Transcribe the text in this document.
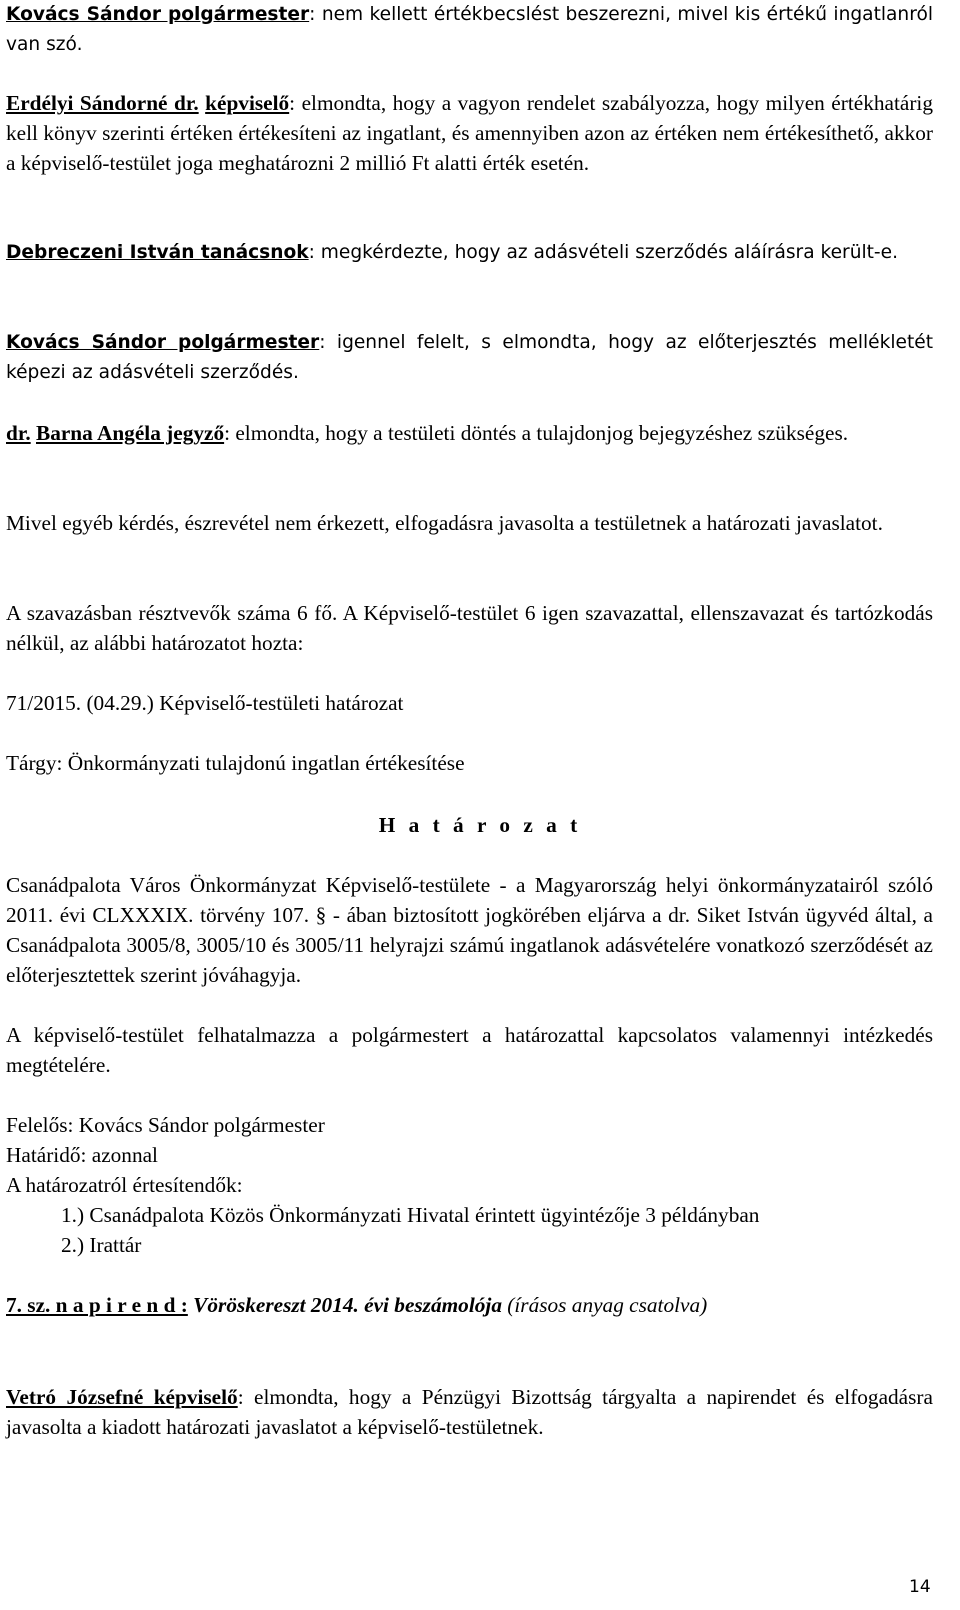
Kovács Sándor polgármester: nem kellett értékbecslést beszerezni, mivel kis értékű ingatlanról van szó.

Erdélyi Sándorné dr. képviselő: elmondta, hogy a vagyon rendelet szabályozza, hogy milyen értékhatárig kell könyv szerinti értéken értékesíteni az ingatlant, és amennyiben azon az értéken nem értékesíthető, akkor a képviselő-testület joga meghatározni 2 millió Ft alatti érték esetén.

Debreczeni István tanácsnok: megkérdezte, hogy az adásvételi szerződés aláírásra került-e.

Kovács Sándor polgármester: igennel felelt, s elmondta, hogy az előterjesztés mellékletét képezi az adásvételi szerződés.

dr. Barna Angéla jegyző: elmondta, hogy a testületi döntés a tulajdonjog bejegyzéshez szükséges.

Mivel egyéb kérdés, észrevétel nem érkezett, elfogadásra javasolta a testületnek a határozati javaslatot.

A szavazásban résztvevők száma 6 fő. A Képviselő-testület 6 igen szavazattal, ellenszavazat és tartózkodás nélkül, az alábbi határozatot hozta:

71/2015. (04.29.) Képviselő-testületi határozat

Tárgy: Önkormányzati tulajdonú ingatlan értékesítése

H a t á r o z a t

Csanádpalota Város Önkormányzat Képviselő-testülete - a Magyarország helyi önkormányzatairól szóló 2011. évi CLXXXIX. törvény 107. § - ában biztosított jogkörében eljárva a dr. Siket István ügyvéd által, a Csanádpalota 3005/8, 3005/10 és 3005/11 helyrajzi számú ingatlanok adásvételére vonatkozó szerződését az előterjesztettek szerint jóváhagyja.

A képviselő-testület felhatalmazza a polgármestert a határozattal kapcsolatos valamennyi intézkedés megtételére.

Felelős: Kovács Sándor polgármester

Határidő: azonnal

A határozatról értesítendők:

1.) Csanádpalota Közös Önkormányzati Hivatal érintett ügyintézője 3 példányban

2.) Irattár

7. sz. n a p i r e n d : Vöröskereszt 2014. évi beszámolója (írásos anyag csatolva)

Vetró Józsefné képviselő: elmondta, hogy a Pénzügyi Bizottság tárgyalta a napirendet és elfogadásra javasolta a kiadott határozati javaslatot a képviselő-testületnek.

14
